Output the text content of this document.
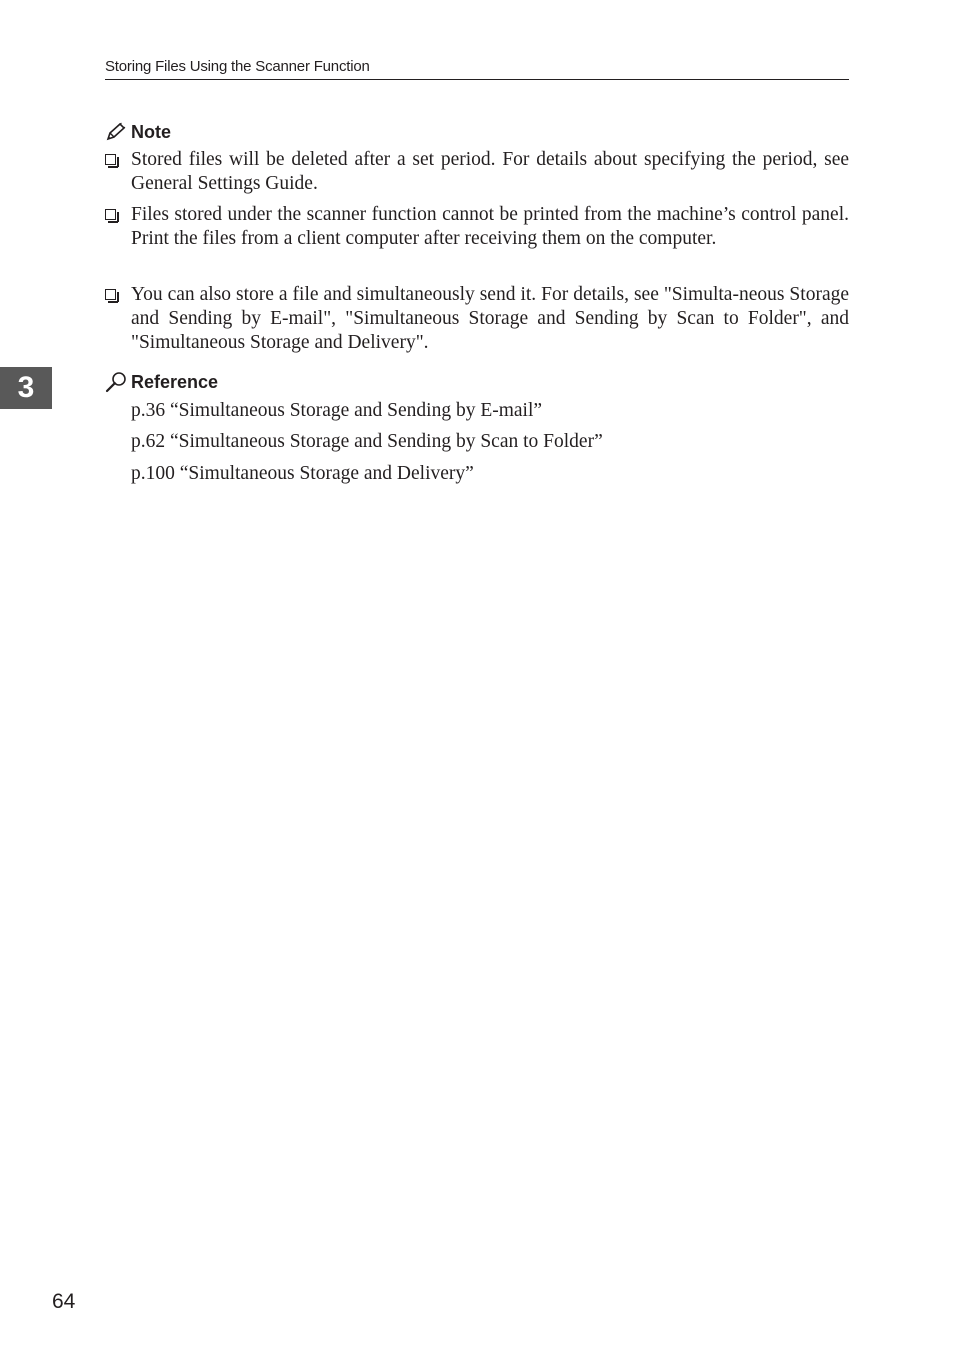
Storing Files Using the Scanner Function
3
Note
Stored files will be deleted after a set period. For details about specifying the period, see General Settings Guide.
Files stored under the scanner function cannot be printed from the machine’s control panel. Print the files from a client computer after receiving them on the computer.
You can also store a file and simultaneously send it. For details, see "Simulta-neous Storage and Sending by E-mail", "Simultaneous Storage and Sending by Scan to Folder", and "Simultaneous Storage and Delivery".
Reference
p.36 “Simultaneous Storage and Sending by E-mail”
p.62 “Simultaneous Storage and Sending by Scan to Folder”
p.100 “Simultaneous Storage and Delivery”
64
